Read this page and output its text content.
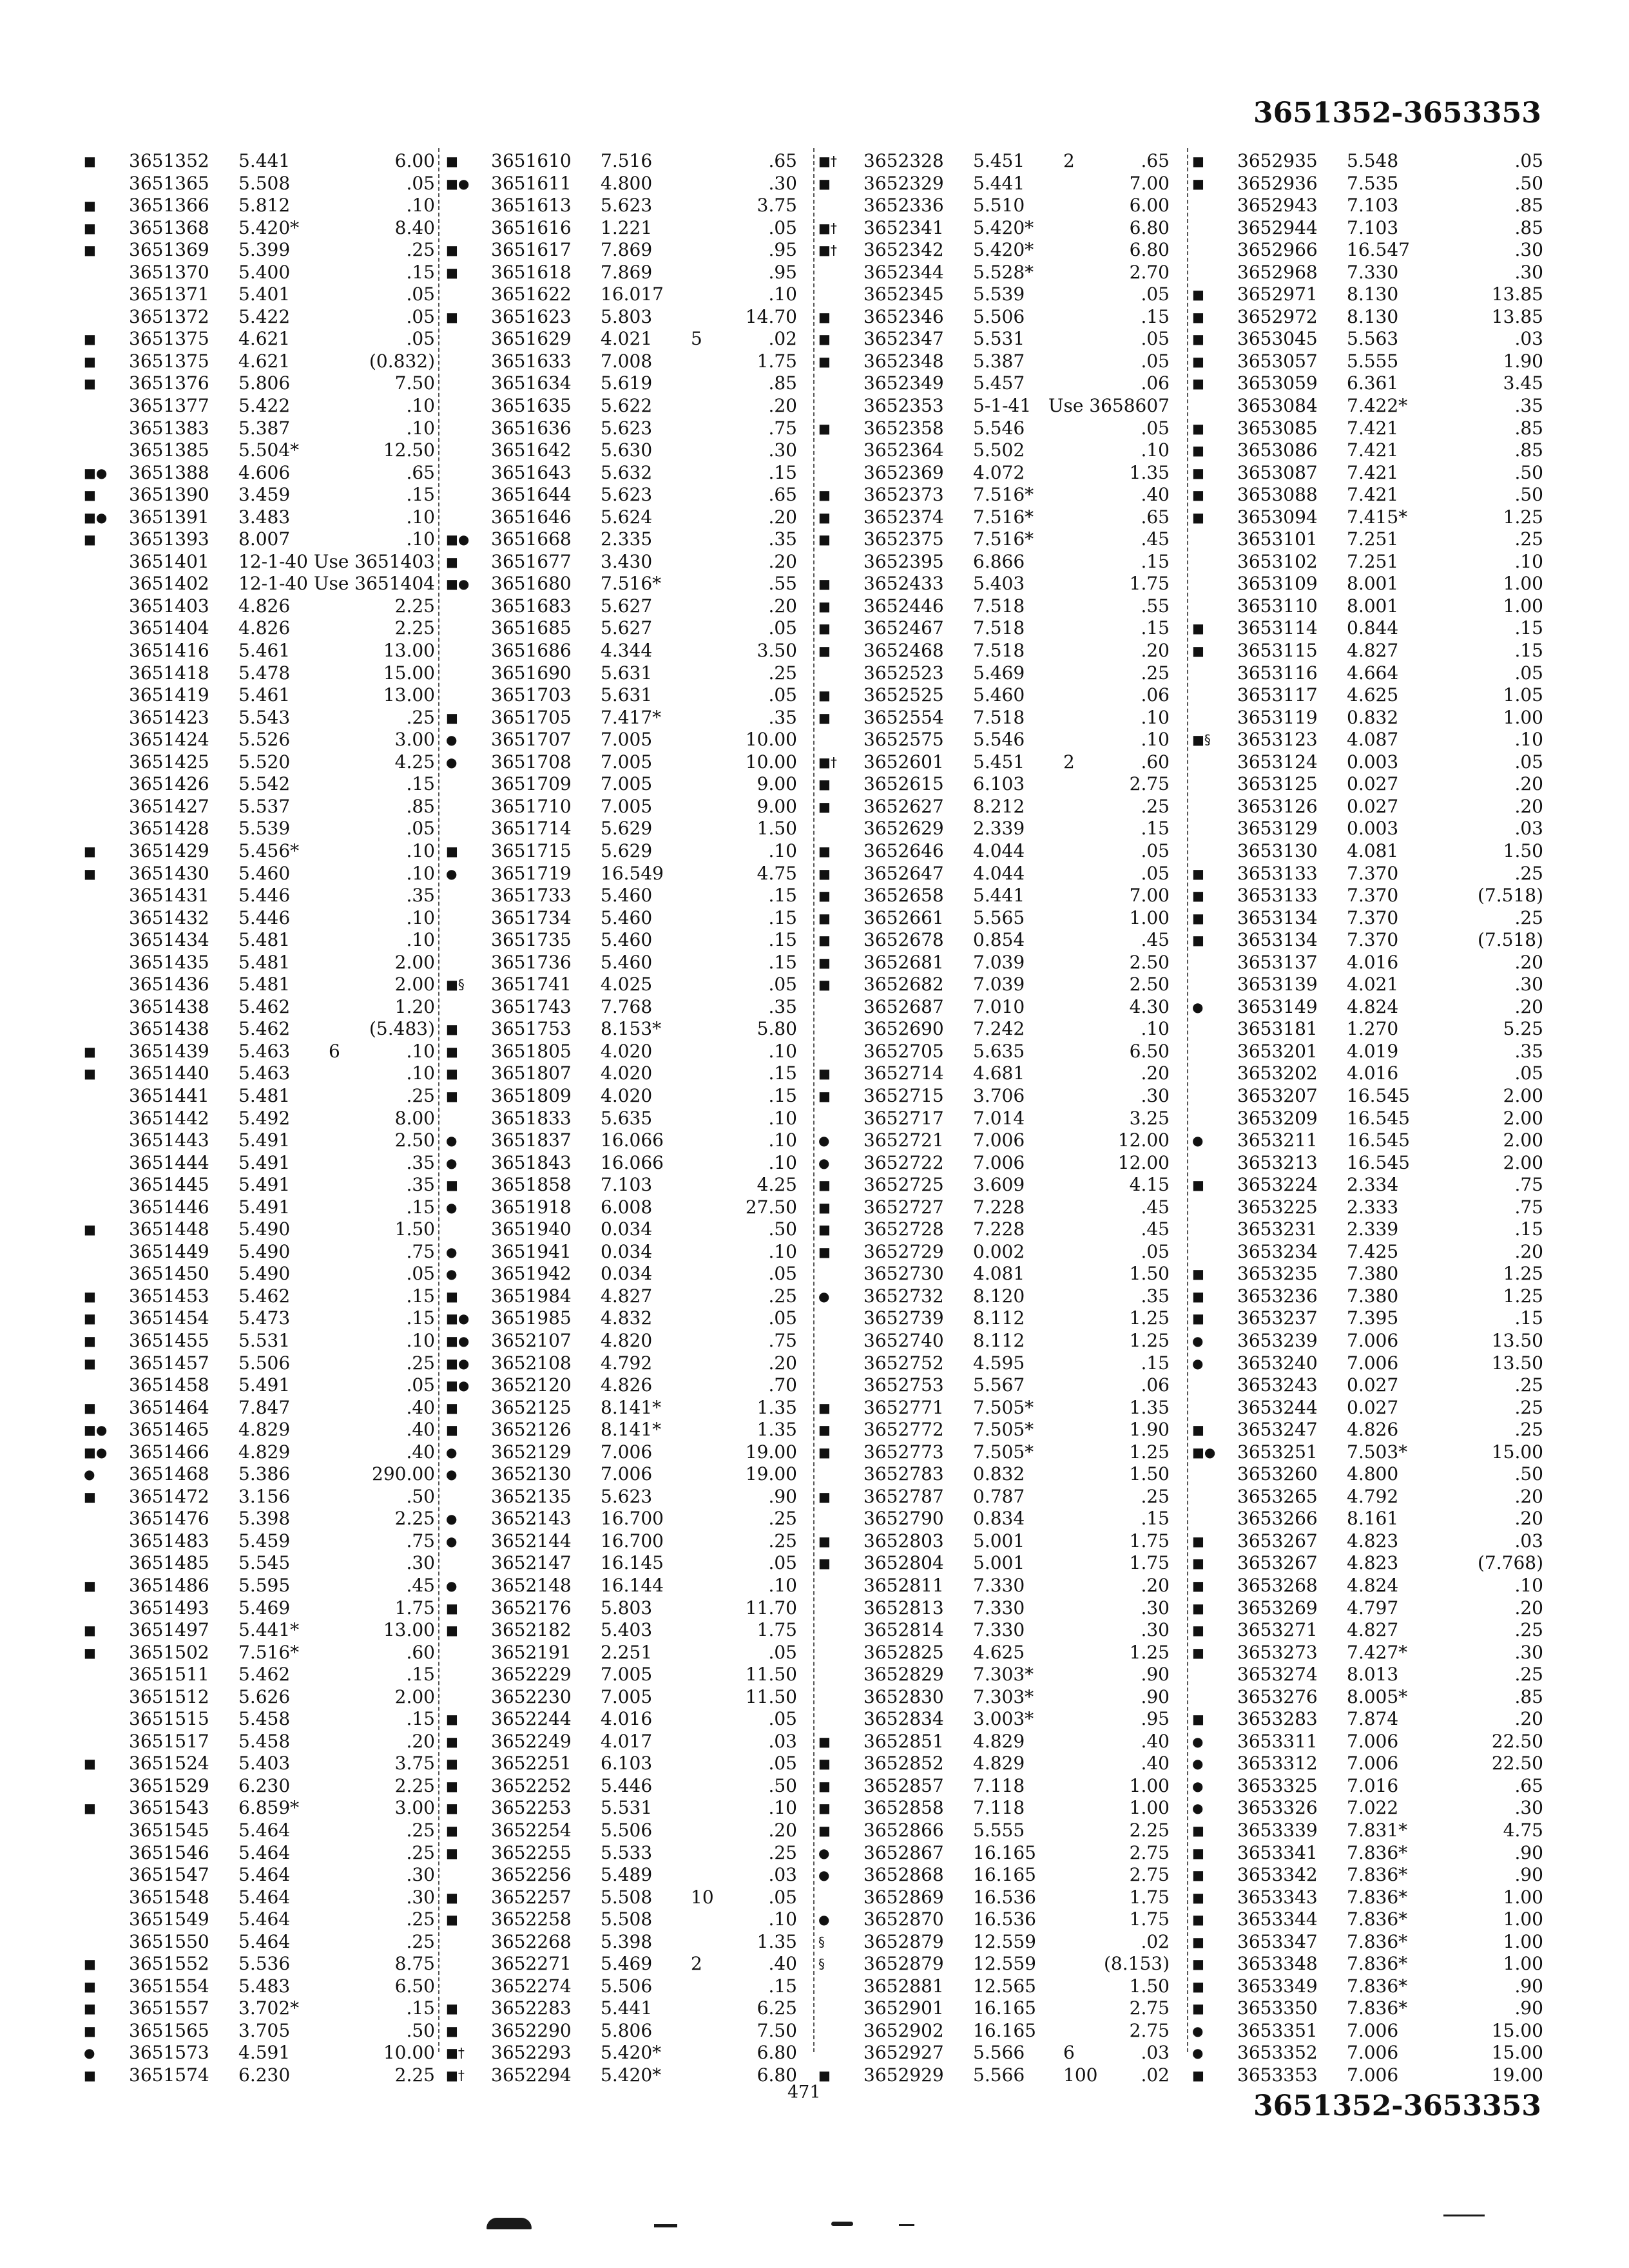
3651352-3653353
■ 3651352 5.441	6.00
3651365 5.508	.05
■ 3651366 5.812	.10
■ 3651368 5.420*	8.40
■ 3651369 5.399	.25
3651370 5.400	.15
3651371 5.401	.05
3651372 5.422	.05
■ 3651375 4.621	.05
■ 3651375 4.621	(0.832)
■ 3651376 5.806	7.50
3651377 5.422	.10
3651383 5.387	.10
3651385 5.504*	12.50
■● 3651388 4.606	.65
■ 3651390 3.459	.15
■● 3651391 3.483	.10
■ 3651393 8.007	.10
3651401 12-1-40 Use 3651403
3651402 12-1-40 Use 3651404
3651403 4.826	2.25
3651404 4.826	2.25
3651416 5.461	13.00
3651418 5.478	15.00
3651419 5.461	13.00
3651423 5.543	.25
3651424 5.526	3.00
3651425 5.520	4.25
3651426 5.542	.15
3651427 5.537	.85
3651428 5.539	.05
■ 3651429 5.456*	.10
■ 3651430 5.460	.10
3651431 5.446	.35
3651432 5.446	.10
3651434 5.481	.10
3651435 5.481	2.00
3651436 5.481	2.00
3651438 5.462	1.20
3651438 5.462	(5.483)
■ 3651439 5.463 6	.10
■ 3651440 5.463	.10
3651441 5.481	.25
3651442 5.492	8.00
3651443 5.491	2.50
3651444 5.491	.35
3651445 5.491	.35
3651446 5.491	.15
■ 3651448 5.490	1.50
3651449 5.490	.75
3651450 5.490	.05
■ 3651453 5.462	.15
■ 3651454 5.473	.15
■ 3651455 5.531	.10
■ 3651457 5.506	.25
3651458 5.491	.05
■ 3651464 7.847	.40
■● 3651465 4.829	.40
■● 3651466 4.829	.40
● 3651468 5.386	290.00
■ 3651472 3.156	.50
3651476 5.398	2.25
3651483 5.459	.75
3651485 5.545	.30
■ 3651486 5.595	.45
3651493 5.469	1.75
■ 3651497 5.441*	13.00
■ 3651502 7.516*	.60
3651511 5.462	.15
3651512 5.626	2.00
3651515 5.458	.15
3651517 5.458	.20
■ 3651524 5.403	3.75
3651529 6.230	2.25
■ 3651543 6.859*	3.00
3651545 5.464	.25
3651546 5.464	.25
3651547 5.464	.30
3651548 5.464	.30
3651549 5.464	.25
3651550 5.464	.25
■ 3651552 5.536	8.75
■ 3651554 5.483	6.50
■ 3651557 3.702*	.15
■ 3651565 3.705	.50
● 3651573 4.591	10.00
■ 3651574 6.230	2.25
■ 3651610 7.516	.65
■● 3651611 4.800	.30
3651613 5.623	3.75
3651616 1.221	.05
■ 3651617 7.869	.95
■ 3651618 7.869	.95
3651622 16.017	.10
■ 3651623 5.803	14.70
3651629 4.021 5	.02
3651633 7.008	1.75
3651634 5.619	.85
3651635 5.622	.20
3651636 5.623	.75
3651642 5.630	.30
3651643 5.632	.15
3651644 5.623	.65
3651646 5.624	.20
■● 3651668 2.335	.35
■ 3651677 3.430	.20
■● 3651680 7.516*	.55
3651683 5.627	.20
3651685 5.627	.05
3651686 4.344	3.50
3651690 5.631	.25
3651703 5.631	.05
■ 3651705 7.417*	.35
● 3651707 7.005	10.00
● 3651708 7.005	10.00
3651709 7.005	9.00
3651710 7.005	9.00
3651714 5.629	1.50
■ 3651715 5.629	.10
● 3651719 16.549	4.75
3651733 5.460	.15
3651734 5.460	.15
3651735 5.460	.15
3651736 5.460	.15
■§ 3651741 4.025	.05
3651743 7.768	.35
■ 3651753 8.153*	5.80
■ 3651805 4.020	.10
■ 3651807 4.020	.15
■ 3651809 4.020	.15
3651833 5.635	.10
● 3651837 16.066	.10
● 3651843 16.066	.10
■ 3651858 7.103	4.25
● 3651918 6.008	27.50
3651940 0.034	.50
● 3651941 0.034	.10
● 3651942 0.034	.05
■ 3651984 4.827	.25
■● 3651985 4.832	.05
■● 3652107 4.820	.75
■● 3652108 4.792	.20
■● 3652120 4.826	.70
■ 3652125 8.141*	1.35
■ 3652126 8.141*	1.35
● 3652129 7.006	19.00
● 3652130 7.006	19.00
3652135 5.623	.90
● 3652143 16.700	.25
● 3652144 16.700	.25
3652147 16.145	.05
● 3652148 16.144	.10
■ 3652176 5.803	11.70
■ 3652182 5.403	1.75
3652191 2.251	.05
3652229 7.005	11.50
3652230 7.005	11.50
■ 3652244 4.016	.05
■ 3652249 4.017	.03
■ 3652251 6.103	.05
■ 3652252 5.446	.50
■ 3652253 5.531	.10
■ 3652254 5.506	.20
■ 3652255 5.533	.25
3652256 5.489	.03
■ 3652257 5.508 10	.05
■ 3652258 5.508	.10
3652268 5.398	1.35
3652271 5.469 2	.40
3652274 5.506	.15
■ 3652283 5.441	6.25
■ 3652290 5.806	7.50
■† 3652293 5.420*	6.80
■† 3652294 5.420*	6.80
■† 3652328 5.451 2	.65
■ 3652329 5.441	7.00
3652336 5.510	6.00
■† 3652341 5.420*	6.80
■† 3652342 5.420*	6.80
3652344 5.528*	2.70
3652345 5.539	.05
■ 3652346 5.506	.15
■ 3652347 5.531	.05
■ 3652348 5.387	.05
3652349 5.457	.06
3652353 5-1-41 Use 3658607
■ 3652358 5.546	.05
3652364 5.502	.10
3652369 4.072	1.35
■ 3652373 7.516*	.40
■ 3652374 7.516*	.65
■ 3652375 7.516*	.45
3652395 6.866	.15
■ 3652433 5.403	1.75
■ 3652446 7.518	.55
■ 3652467 7.518	.15
■ 3652468 7.518	.20
3652523 5.469	.25
■ 3652525 5.460	.06
■ 3652554 7.518	.10
3652575 5.546	.10
■† 3652601 5.451 2	.60
■ 3652615 6.103	2.75
■ 3652627 8.212	.25
3652629 2.339	.15
■ 3652646 4.044	.05
■ 3652647 4.044	.05
■ 3652658 5.441	7.00
■ 3652661 5.565	1.00
■ 3652678 0.854	.45
■ 3652681 7.039	2.50
■ 3652682 7.039	2.50
3652687 7.010	4.30
3652690 7.242	.10
3652705 5.635	6.50
■ 3652714 4.681	.20
■ 3652715 3.706	.30
3652717 7.014	3.25
● 3652721 7.006	12.00
● 3652722 7.006	12.00
■ 3652725 3.609	4.15
■ 3652727 7.228	.45
■ 3652728 7.228	.45
■ 3652729 0.002	.05
3652730 4.081	1.50
● 3652732 8.120	.35
3652739 8.112	1.25
3652740 8.112	1.25
3652752 4.595	.15
3652753 5.567	.06
■ 3652771 7.505*	1.35
■ 3652772 7.505*	1.90
■ 3652773 7.505*	1.25
3652783 0.832	1.50
■ 3652787 0.787	.25
3652790 0.834	.15
■ 3652803 5.001	1.75
■ 3652804 5.001	1.75
3652811 7.330	.20
3652813 7.330	.30
3652814 7.330	.30
3652825 4.625	1.25
3652829 7.303*	.90
3652830 7.303*	.90
3652834 3.003*	.95
■ 3652851 4.829	.40
■ 3652852 4.829	.40
■ 3652857 7.118	1.00
■ 3652858 7.118	1.00
■ 3652866 5.555	2.25
● 3652867 16.165	2.75
● 3652868 16.165	2.75
3652869 16.536	1.75
● 3652870 16.536	1.75
§ 3652879 12.559	.02
§ 3652879 12.559	(8.153)
3652881 12.565	1.50
3652901 16.165	2.75
3652902 16.165	2.75
3652927 5.566 6	.03
■ 3652929 5.566 100	.02
■ 3652935 5.548	.05
■ 3652936 7.535	.50
3652943 7.103	.85
3652944 7.103	.85
3652966 16.547	.30
3652968 7.330	.30
■ 3652971 8.130	13.85
■ 3652972 8.130	13.85
■ 3653045 5.563	.03
■ 3653057 5.555	1.90
■ 3653059 6.361	3.45
3653084 7.422*	.35
■ 3653085 7.421	.85
■ 3653086 7.421	.85
■ 3653087 7.421	.50
■ 3653088 7.421	.50
■ 3653094 7.415*	1.25
3653101 7.251	.25
3653102 7.251	.10
3653109 8.001	1.00
3653110 8.001	1.00
■ 3653114 0.844	.15
■ 3653115 4.827	.15
3653116 4.664	.05
3653117 4.625	1.05
3653119 0.832	1.00
■§ 3653123 4.087	.10
3653124 0.003	.05
3653125 0.027	.20
3653126 0.027	.20
3653129 0.003	.03
3653130 4.081	1.50
■ 3653133 7.370	.25
■ 3653133 7.370	(7.518)
■ 3653134 7.370	.25
■ 3653134 7.370	(7.518)
3653137 4.016	.20
3653139 4.021	.30
● 3653149 4.824	.20
3653181 1.270	5.25
3653201 4.019	.35
3653202 4.016	.05
3653207 16.545	2.00
3653209 16.545	2.00
● 3653211 16.545	2.00
3653213 16.545	2.00
■ 3653224 2.334	.75
3653225 2.333	.75
3653231 2.339	.15
3653234 7.425	.20
■ 3653235 7.380	1.25
■ 3653236 7.380	1.25
■ 3653237 7.395	.15
● 3653239 7.006	13.50
● 3653240 7.006	13.50
3653243 0.027	.25
3653244 0.027	.25
■ 3653247 4.826	.25
■● 3653251 7.503*	15.00
3653260 4.800	.50
3653265 4.792	.20
3653266 8.161	.20
■ 3653267 4.823	.03
■ 3653267 4.823	(7.768)
■ 3653268 4.824	.10
■ 3653269 4.797	.20
■ 3653271 4.827	.25
■ 3653273 7.427*	.30
3653274 8.013	.25
3653276 8.005*	.85
■ 3653283 7.874	.20
● 3653311 7.006	22.50
● 3653312 7.006	22.50
● 3653325 7.016	.65
● 3653326 7.022	.30
■ 3653339 7.831*	4.75
■ 3653341 7.836*	.90
■ 3653342 7.836*	.90
■ 3653343 7.836*	1.00
■ 3653344 7.836*	1.00
■ 3653347 7.836*	1.00
■ 3653348 7.836*	1.00
■ 3653349 7.836*	.90
■ 3653350 7.836*	.90
● 3653351 7.006	15.00
● 3653352 7.006	15.00
■ 3653353 7.006	19.00
471	3651352-3653353
